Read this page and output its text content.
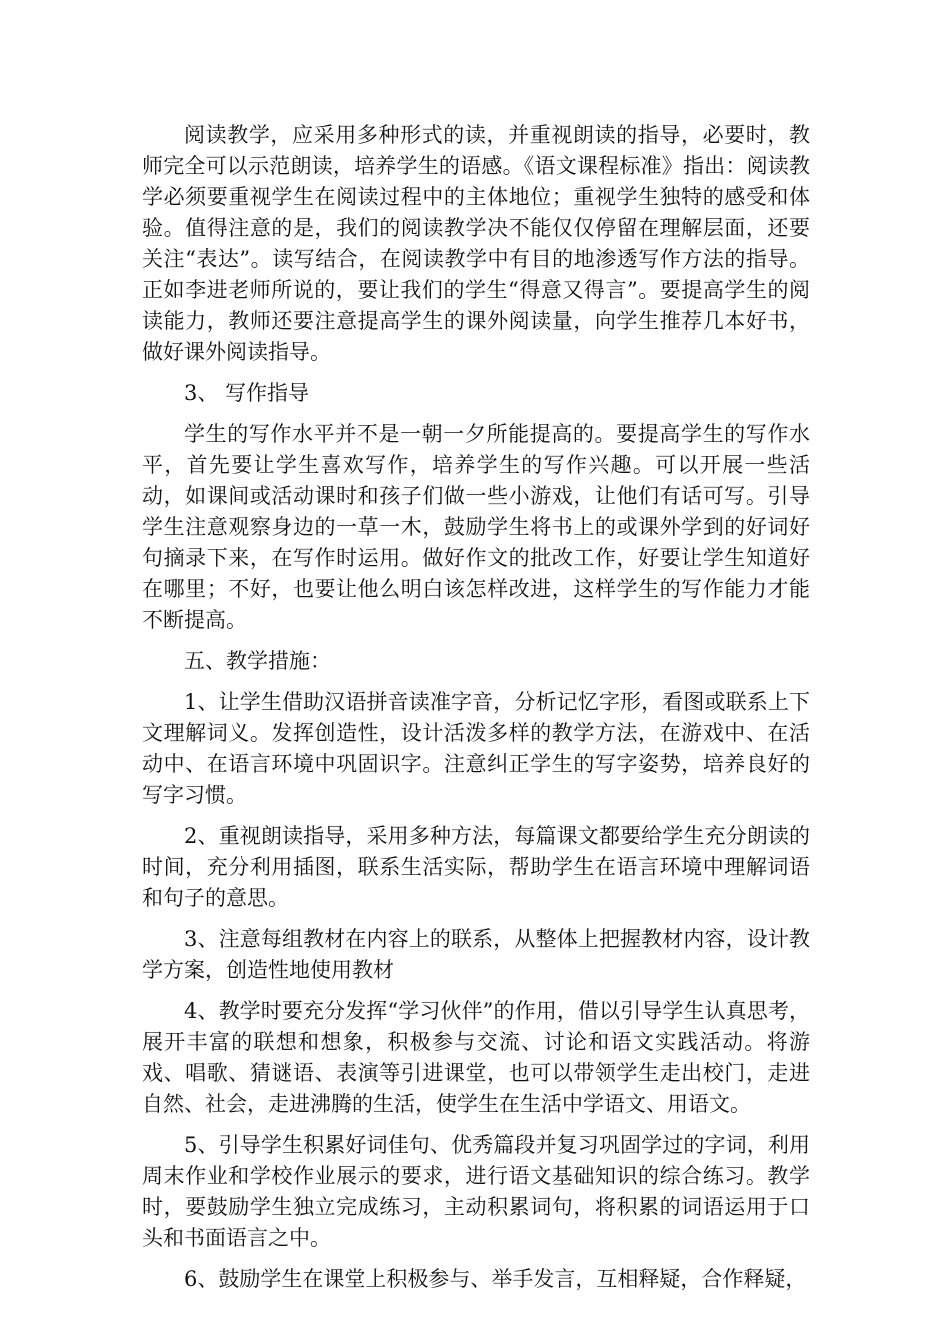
阅读教学，应采用多种形式的读，并重视朗读的指导，必要时，教师完全可以示范朗读，培养学生的语感。《语文课程标准》指出：阅读教学必须要重视学生在阅读过程中的主体地位；重视学生独特的感受和体验。值得注意的是，我们的阅读教学决不能仅仅停留在理解层面，还要关注“表达”。读写结合，在阅读教学中有目的地渗透写作方法的指导。正如李进老师所说的，要让我们的学生“得意又得言”。要提高学生的阅读能力，教师还要注意提高学生的课外阅读量，向学生推荐几本好书，做好课外阅读指导。

3、 写作指导

学生的写作水平并不是一朝一夕所能提高的。要提高学生的写作水平，首先要让学生喜欢写作，培养学生的写作兴趣。可以开展一些活动，如课间或活动课时和孩子们做一些小游戏，让他们有话可写。引导学生注意观察身边的一草一木，鼓励学生将书上的或课外学到的好词好句摘录下来，在写作时运用。做好作文的批改工作，好要让学生知道好在哪里；不好，也要让他么明白该怎样改进，这样学生的写作能力才能不断提高。

五、教学措施：

1、让学生借助汉语拼音读准字音，分析记忆字形，看图或联系上下文理解词义。发挥创造性，设计活泼多样的教学方法，在游戏中、在活动中、在语言环境中巩固识字。注意纠正学生的写字姿势，培养良好的写字习惯。

2、重视朗读指导，采用多种方法，每篇课文都要给学生充分朗读的时间，充分利用插图，联系生活实际，帮助学生在语言环境中理解词语和句子的意思。

3、注意每组教材在内容上的联系，从整体上把握教材内容，设计教学方案，创造性地使用教材

4、教学时要充分发挥“学习伙伴”的作用，借以引导学生认真思考，展开丰富的联想和想象，积极参与交流、讨论和语文实践活动。将游戏、唱歌、猜谜语、表演等引进课堂，也可以带领学生走出校门，走进自然、社会，走进沸腾的生活，使学生在生活中学语文、用语文。

5、引导学生积累好词佳句、优秀篇段并复习巩固学过的字词，利用周末作业和学校作业展示的要求，进行语文基础知识的综合练习。教学时，要鼓励学生独立完成练习，主动积累词句，将积累的词语运用于口头和书面语言之中。

6、鼓励学生在课堂上积极参与、举手发言，互相释疑，合作释疑，
